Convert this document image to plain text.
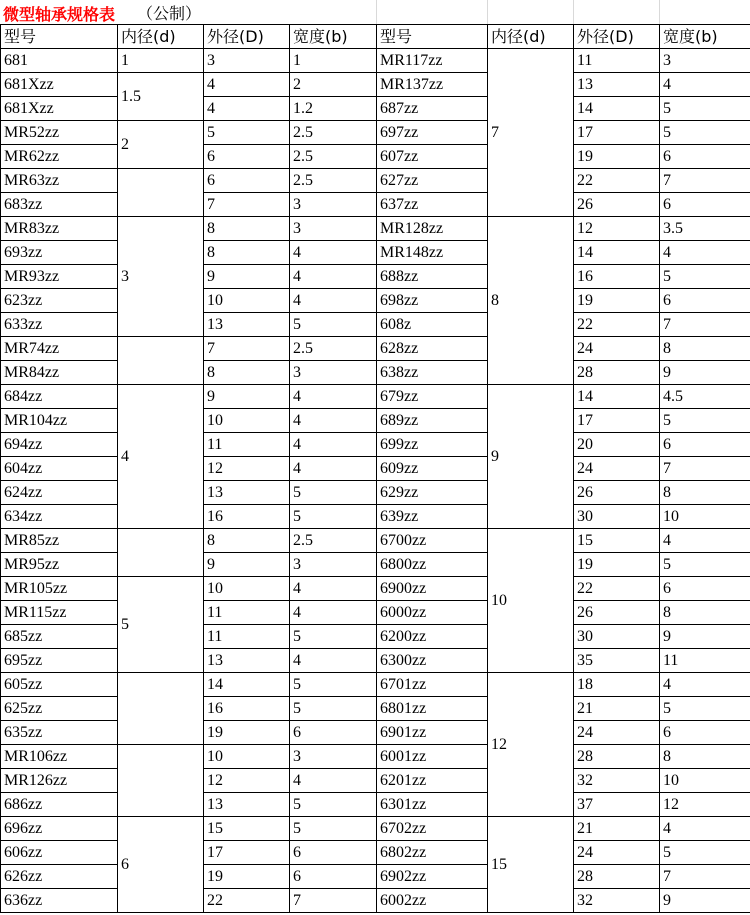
微型轴承规格表 （公制）
型号	内径(d)	外径(D)	宽度(b)	型号	内径(d)	外径(D)	宽度(b)
681	1	3	1	MR117zz	7	11	3
681Xzz	1.5	4	2	MR137zz		13	4
681Xzz		4	1.2	687zz		14	5
MR52zz	2	5	2.5	697zz		17	5
MR62zz		6	2.5	607zz		19	6
MR63zz		6	2.5	627zz		22	7
683zz		7	3	637zz		26	6
MR83zz	3	8	3	MR128zz	8	12	3.5
693zz		8	4	MR148zz		14	4
MR93zz		9	4	688zz		16	5
623zz		10	4	698zz		19	6
633zz		13	5	608z		22	7
MR74zz		7	2.5	628zz		24	8
MR84zz		8	3	638zz		28	9
684zz	4	9	4	679zz	9	14	4.5
MR104zz		10	4	689zz		17	5
694zz		11	4	699zz		20	6
604zz		12	4	609zz		24	7
624zz		13	5	629zz		26	8
634zz		16	5	639zz		30	10
MR85zz		8	2.5	6700zz	10	15	4
MR95zz		9	3	6800zz		19	5
MR105zz	5	10	4	6900zz		22	6
MR115zz		11	4	6000zz		26	8
685zz		11	5	6200zz		30	9
695zz		13	4	6300zz		35	11
605zz		14	5	6701zz	12	18	4
625zz		16	5	6801zz		21	5
635zz		19	6	6901zz		24	6
MR106zz		10	3	6001zz		28	8
MR126zz		12	4	6201zz		32	10
686zz		13	5	6301zz		37	12
696zz	6	15	5	6702zz	15	21	4
606zz		17	6	6802zz		24	5
626zz		19	6	6902zz		28	7
636zz		22	7	6002zz		32	9
